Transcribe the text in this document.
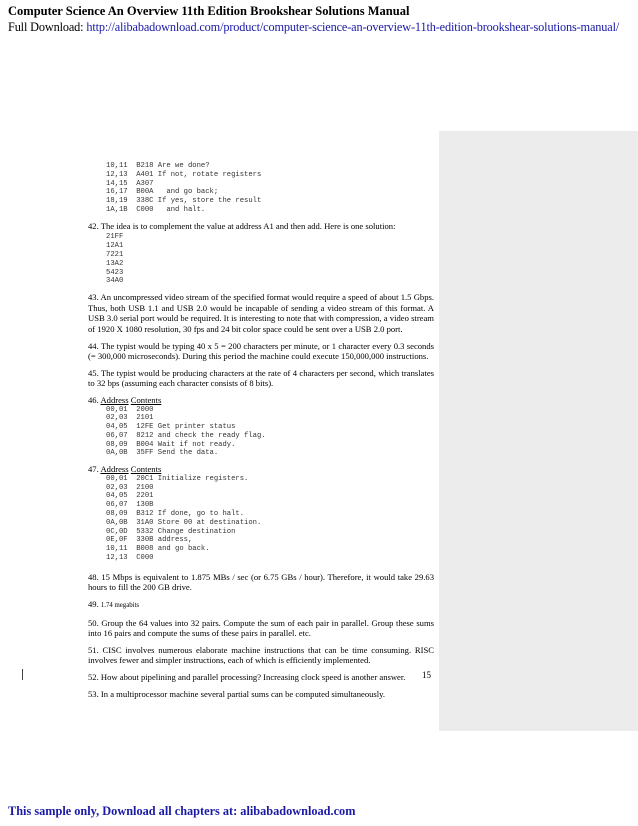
Computer Science An Overview 11th Edition Brookshear Solutions Manual
Full Download: http://alibabadownload.com/product/computer-science-an-overview-11th-edition-brookshear-solutions-manual/
10,11  B218 Are we done?
12,13  A401 If not, rotate registers
14,15  A307
16,17  B00A   and go back;
18,19  338C If yes, store the result
1A,1B  C000   and halt.
42. The idea is to complement the value at address A1 and then add. Here is one solution:
21FF
12A1
7221
13A2
5423
34A0
43. An uncompressed video stream of the specified format would require a speed of about 1.5 Gbps. Thus, both USB 1.1 and USB 2.0 would be incapable of sending a video stream of this format. A USB 3.0 serial port would be required. It is interesting to note that with compression, a video stream of 1920 X 1080 resolution, 30 fps and 24 bit color space could be sent over a USB 2.0 port.
44. The typist would be typing 40 x 5 = 200 characters per minute, or 1 character every 0.3 seconds (= 300,000 microseconds). During this period the machine could execute 150,000,000 instructions.
45. The typist would be producing characters at the rate of 4 characters per second, which translates to 32 bps (assuming each character consists of 8 bits).
46. Address Contents
00,01  2000
02,03  2101
04,05  12FE Get printer status
06,07  8212 and check the ready flag.
08,09  B004 Wait if not ready.
0A,0B  35FF Send the data.
47. Address Contents
00,01  20C1 Initialize registers.
02,03  2100
04,05  2201
06,07  130B
08,09  B312 If done, go to halt.
0A,0B  31A0 Store 00 at destination.
0C,0D  5332 Change destination
0E,0F  330B address,
10,11  B008 and go back.
12,13  C000
48. 15 Mbps is equivalent to 1.875 MBs / sec (or 6.75 GBs / hour). Therefore, it would take 29.63 hours to fill the 200 GB drive.
49. 1.74 megabits
50. Group the 64 values into 32 pairs. Compute the sum of each pair in parallel. Group these sums into 16 pairs and compute the sums of these pairs in parallel. etc.
51. CISC involves numerous elaborate machine instructions that can be time consuming. RISC involves fewer and simpler instructions, each of which is efficiently implemented.
52. How about pipelining and parallel processing? Increasing clock speed is another answer.
53. In a multiprocessor machine several partial sums can be computed simultaneously.
15
This sample only, Download all chapters at: alibabadownload.com
